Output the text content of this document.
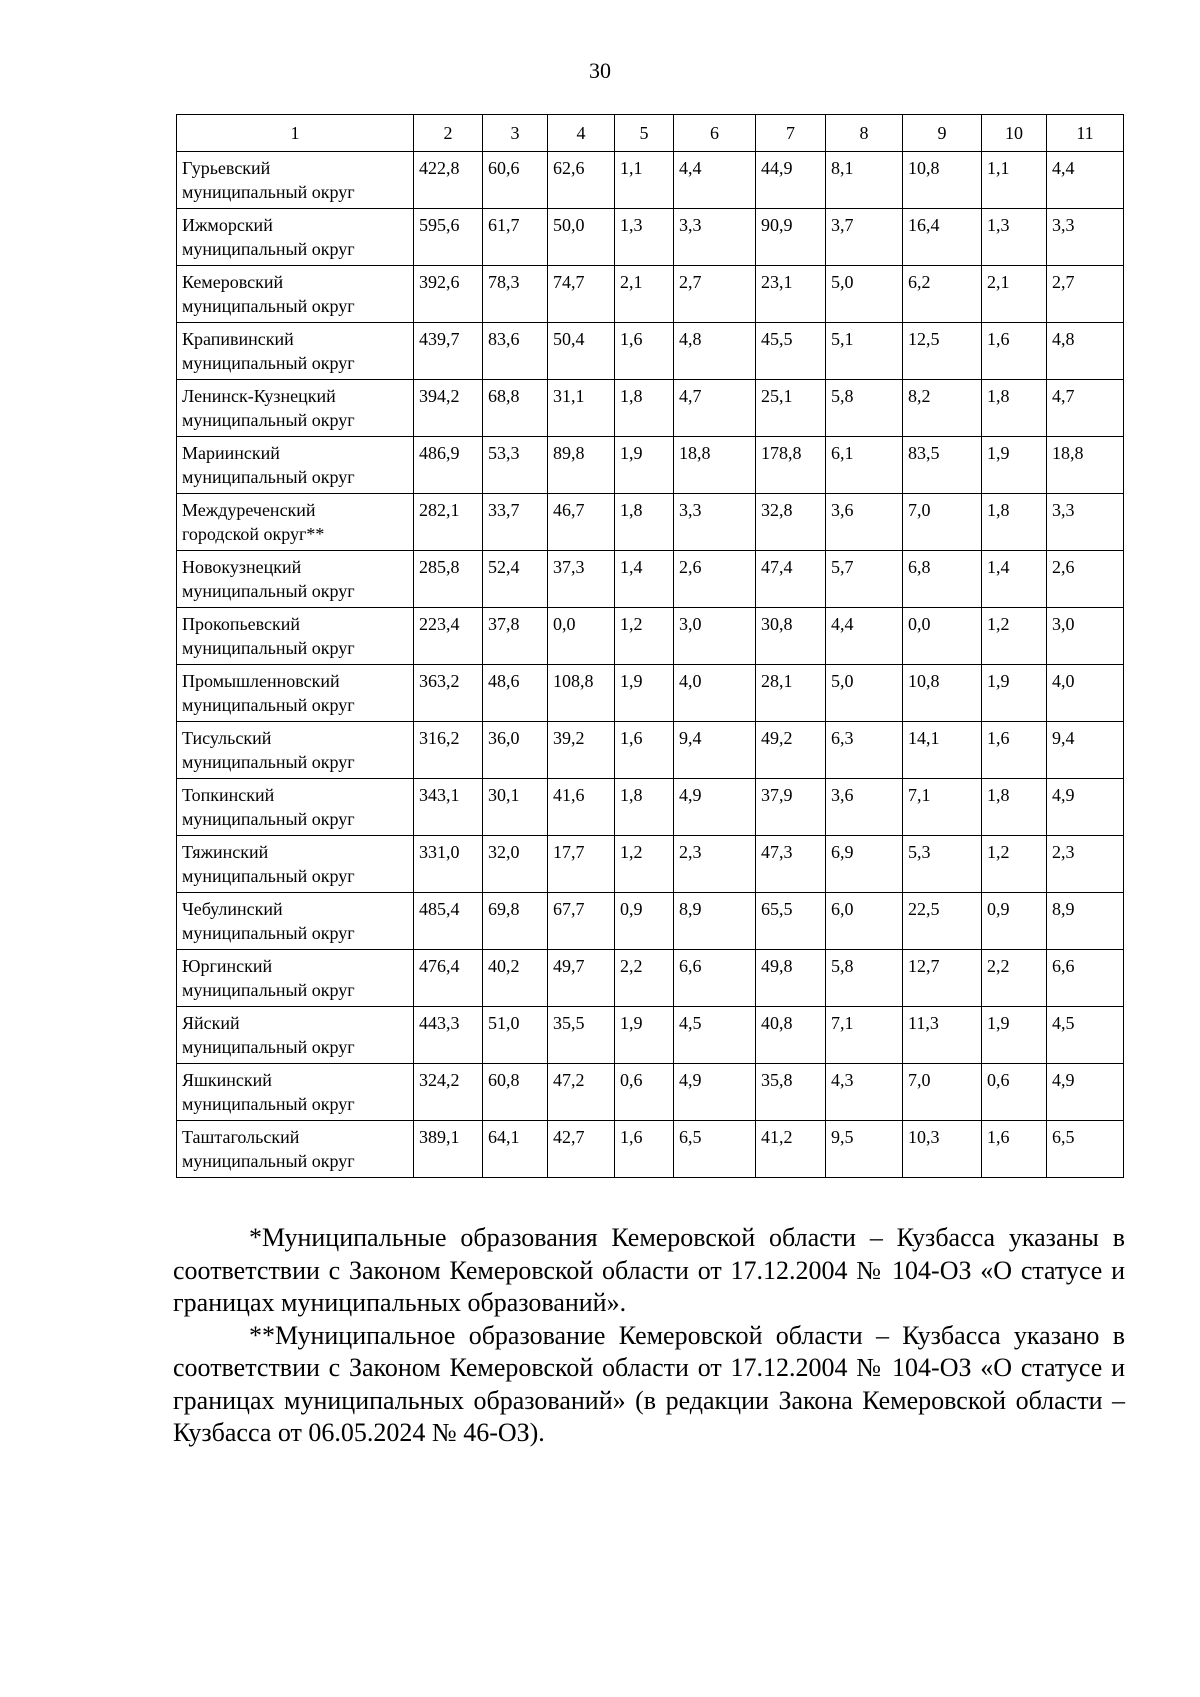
30
1	2	3	4	5	6	7	8	9	10	11
Гурьевский
муниципальный округ	422,8	60,6	62,6	1,1	4,4	44,9	8,1	10,8	1,1	4,4
Ижморский
муниципальный округ	595,6	61,7	50,0	1,3	3,3	90,9	3,7	16,4	1,3	3,3
Кемеровский
муниципальный округ	392,6	78,3	74,7	2,1	2,7	23,1	5,0	6,2	2,1	2,7
Крапивинский
муниципальный округ	439,7	83,6	50,4	1,6	4,8	45,5	5,1	12,5	1,6	4,8
Ленинск-Кузнецкий
муниципальный округ	394,2	68,8	31,1	1,8	4,7	25,1	5,8	8,2	1,8	4,7
Мариинский
муниципальный округ	486,9	53,3	89,8	1,9	18,8	178,8	6,1	83,5	1,9	18,8
Междуреченский
городской округ**	282,1	33,7	46,7	1,8	3,3	32,8	3,6	7,0	1,8	3,3
Новокузнецкий
муниципальный округ	285,8	52,4	37,3	1,4	2,6	47,4	5,7	6,8	1,4	2,6
Прокопьевский
муниципальный округ	223,4	37,8	0,0	1,2	3,0	30,8	4,4	0,0	1,2	3,0
Промышленновский
муниципальный округ	363,2	48,6	108,8	1,9	4,0	28,1	5,0	10,8	1,9	4,0
Тисульский
муниципальный округ	316,2	36,0	39,2	1,6	9,4	49,2	6,3	14,1	1,6	9,4
Топкинский
муниципальный округ	343,1	30,1	41,6	1,8	4,9	37,9	3,6	7,1	1,8	4,9
Тяжинский
муниципальный округ	331,0	32,0	17,7	1,2	2,3	47,3	6,9	5,3	1,2	2,3
Чебулинский
муниципальный округ	485,4	69,8	67,7	0,9	8,9	65,5	6,0	22,5	0,9	8,9
Юргинский
муниципальный округ	476,4	40,2	49,7	2,2	6,6	49,8	5,8	12,7	2,2	6,6
Яйский
муниципальный округ	443,3	51,0	35,5	1,9	4,5	40,8	7,1	11,3	1,9	4,5
Яшкинский
муниципальный округ	324,2	60,8	47,2	0,6	4,9	35,8	4,3	7,0	0,6	4,9
Таштагольский
муниципальный округ	389,1	64,1	42,7	1,6	6,5	41,2	9,5	10,3	1,6	6,5

*Муниципальные образования Кемеровской области – Кузбасса указаны в соответствии с Законом Кемеровской области от 17.12.2004 № 104-ОЗ «О статусе и границах муниципальных образований».

**Муниципальное образование Кемеровской области – Кузбасса указано в соответствии с Законом Кемеровской области от 17.12.2004 № 104-ОЗ «О статусе и границах муниципальных образований» (в редакции Закона Кемеровской области – Кузбасса от 06.05.2024 № 46-ОЗ).
